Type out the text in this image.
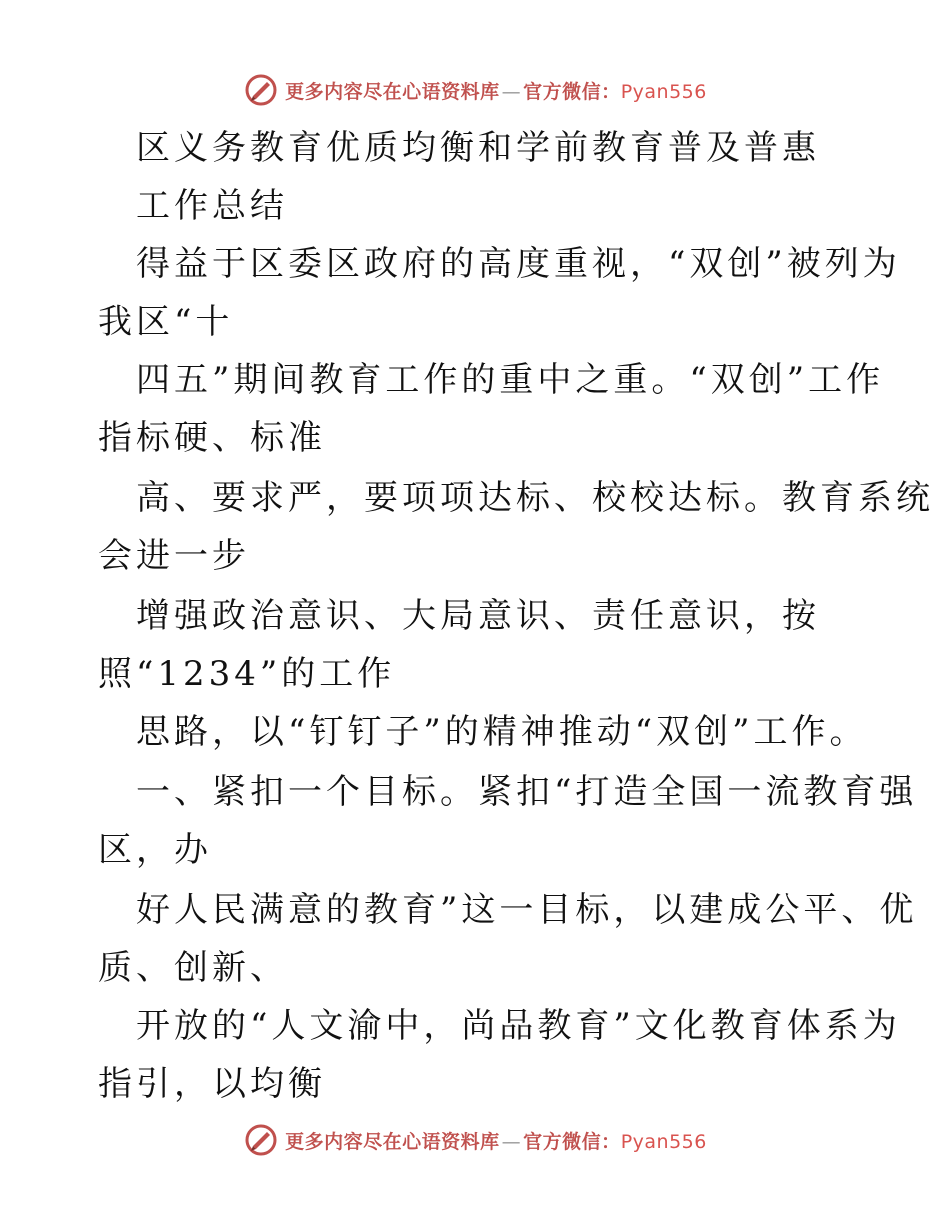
更多内容尽在心语资料库 — 官方微信：Pyan556
区义务教育优质均衡和学前教育普及普惠
工作总结
得益于区委区政府的高度重视，“双创”被列为
我区“十
四五”期间教育工作的重中之重。“双创”工作
指标硬、标准
高、要求严，要项项达标、校校达标。教育系统
会进一步
增强政治意识、大局意识、责任意识，按
照“1234”的工作
思路，以“钉钉子”的精神推动“双创”工作。
一、紧扣一个目标。紧扣“打造全国一流教育强
区，办
好人民满意的教育”这一目标，以建成公平、优
质、创新、
开放的“人文渝中，尚品教育”文化教育体系为
指引，以均衡
更多内容尽在心语资料库 — 官方微信：Pyan556
